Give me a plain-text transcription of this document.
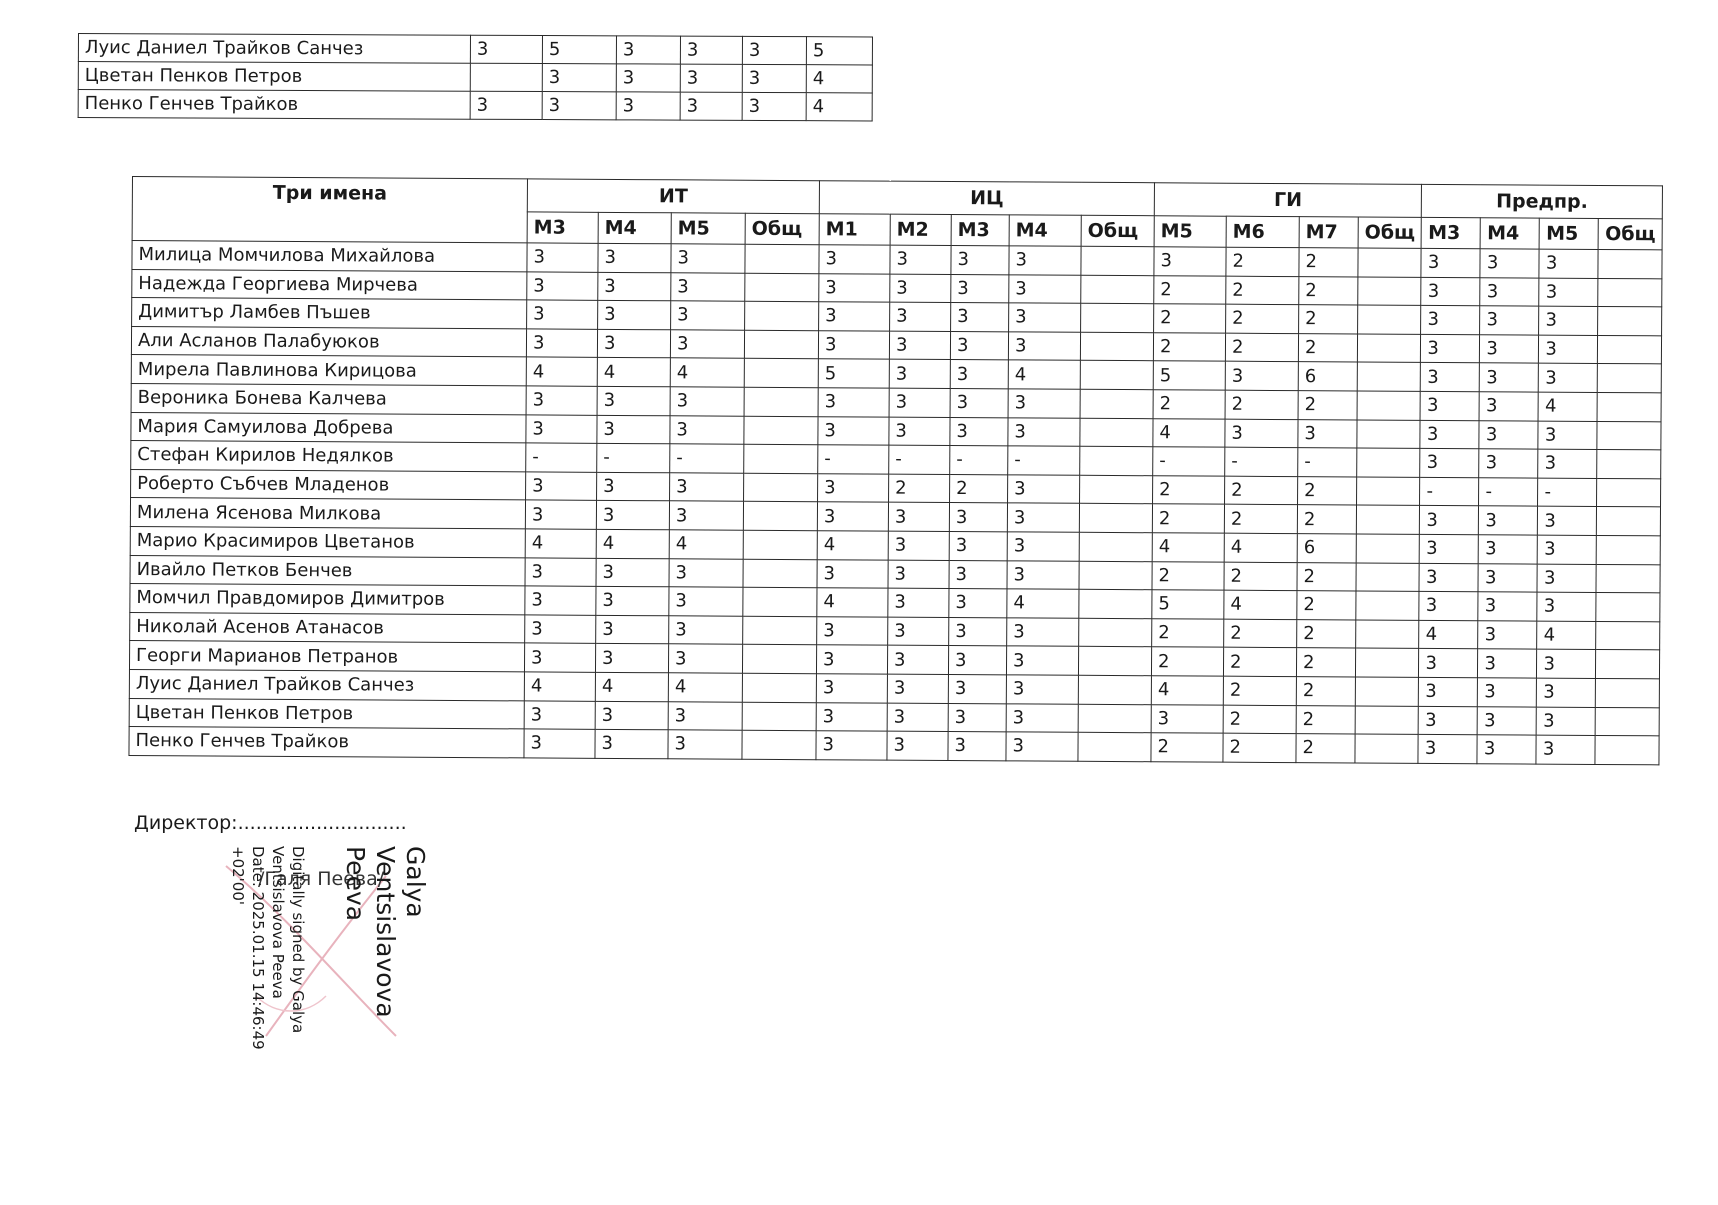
Луис Даниел Трайков Санчез	3	5	3	3	3	5
Цветан Пенков Петров		3	3	3	3	4
Пенко Генчев Трайков	3	3	3	3	3	4
Три имена	ИТ				ИЦ					ГИ				Предпр.			
	М3	М4	М5	Общ	М1	М2	М3	М4	Общ	М5	М6	М7	Общ	М3	М4	М5	Общ
Милица Момчилова Михайлова	3	3	3		3	3	3	3		3	2	2		3	3	3	
Надежда Георгиева Мирчева	3	3	3		3	3	3	3		2	2	2		3	3	3	
Димитър Ламбев Пъшев	3	3	3		3	3	3	3		2	2	2		3	3	3	
Али Асланов Палабуюков	3	3	3		3	3	3	3		2	2	2		3	3	3	
Мирела Павлинова Кирицова	4	4	4		5	3	3	4		5	3	6		3	3	3	
Вероника Бонева Калчева	3	3	3		3	3	3	3		2	2	2		3	3	4	
Мария Самуилова Добрева	3	3	3		3	3	3	3		4	3	3		3	3	3	
Стефан Кирилов Недялков	-	-	-		-	-	-	-		-	-	-		3	3	3	
Роберто Събчев Младенов	3	3	3		3	2	2	3		2	2	2		-	-	-	
Милена Ясенова Милкова	3	3	3		3	3	3	3		2	2	2		3	3	3	
Марио Красимиров Цветанов	4	4	4		4	3	3	3		4	4	6		3	3	3	
Ивайло Петков Бенчев	3	3	3		3	3	3	3		2	2	2		3	3	3	
Момчил Правдомиров Димитров	3	3	3		4	3	3	4		5	4	2		3	3	3	
Николай Асенов Атанасов	3	3	3		3	3	3	3		2	2	2		4	3	4	
Георги Марианов Петранов	3	3	3		3	3	3	3		2	2	2		3	3	3	
Луис Даниел Трайков Санчез	4	4	4		3	3	3	3		4	2	2		3	3	3	
Цветан Пенков Петров	3	3	3		3	3	3	3		3	2	2		3	3	3	
Пенко Генчев Трайков	3	3	3		3	3	3	3		2	2	2		3	3	3	
Директор:............................
/Галя Пеева/ Galya
Ventsislavova
Peeva
Digitally signed by Galya
Ventsislavova Peeva
Date: 2025.01.15 14:46:49
+02'00'
